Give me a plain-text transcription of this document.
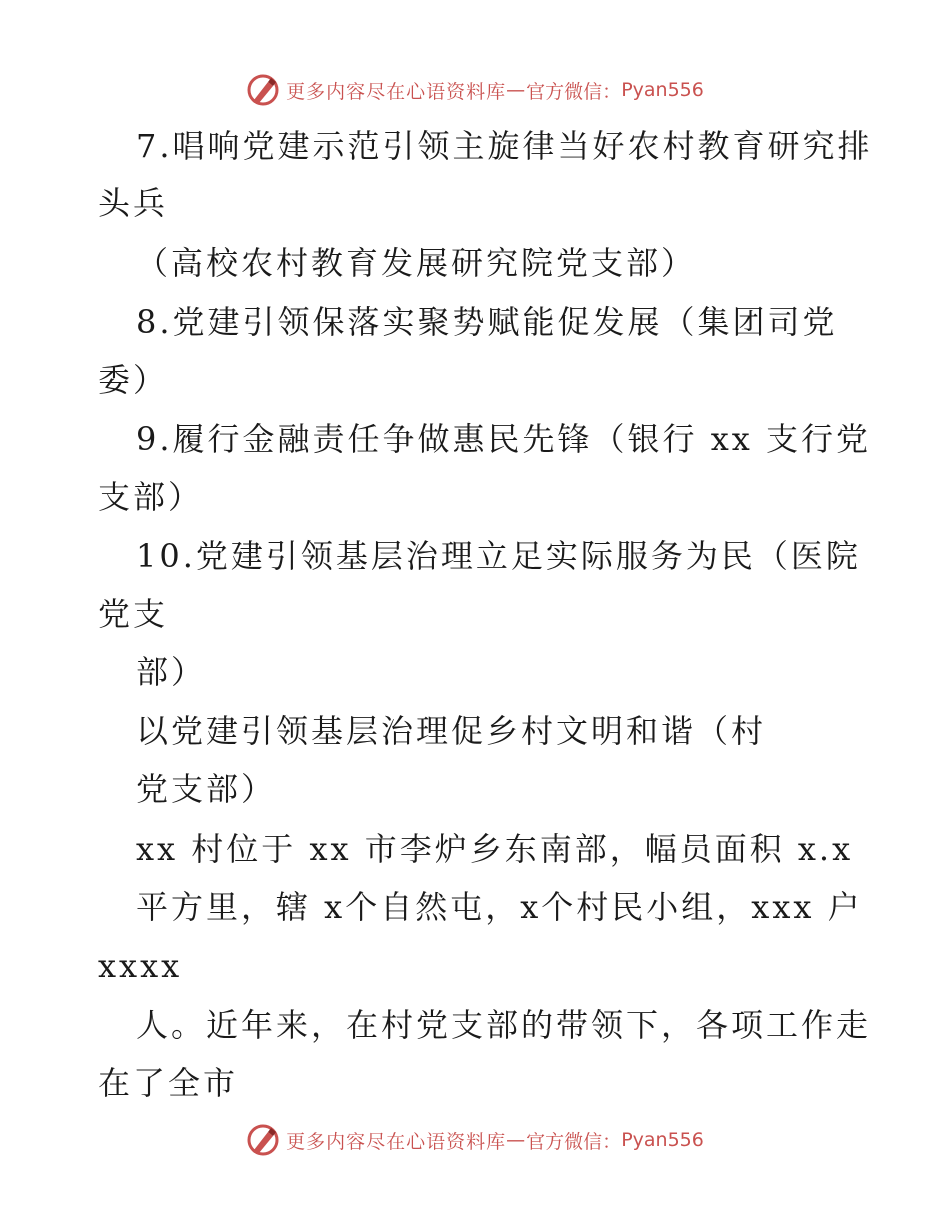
更多内容尽在心语资料库 — 官方微信： Pyan556
7.唱响党建示范引领主旋律当好农村教育研究排
头兵
（高校农村教育发展研究院党支部）
8.党建引领保落实聚势赋能促发展（集团司党
委）
9.履行金融责任争做惠民先锋（银行 xx 支行党
支部）
10.党建引领基层治理立足实际服务为民（医院
党支
部）
以党建引领基层治理促乡村文明和谐（村
党支部）
xx 村位于 xx 市李炉乡东南部，幅员面积 x.x
平方里，辖 x个自然屯，x个村民小组，xxx 户
xxxx
人。近年来，在村党支部的带领下，各项工作走
在了全市
更多内容尽在心语资料库 — 官方微信： Pyan556
